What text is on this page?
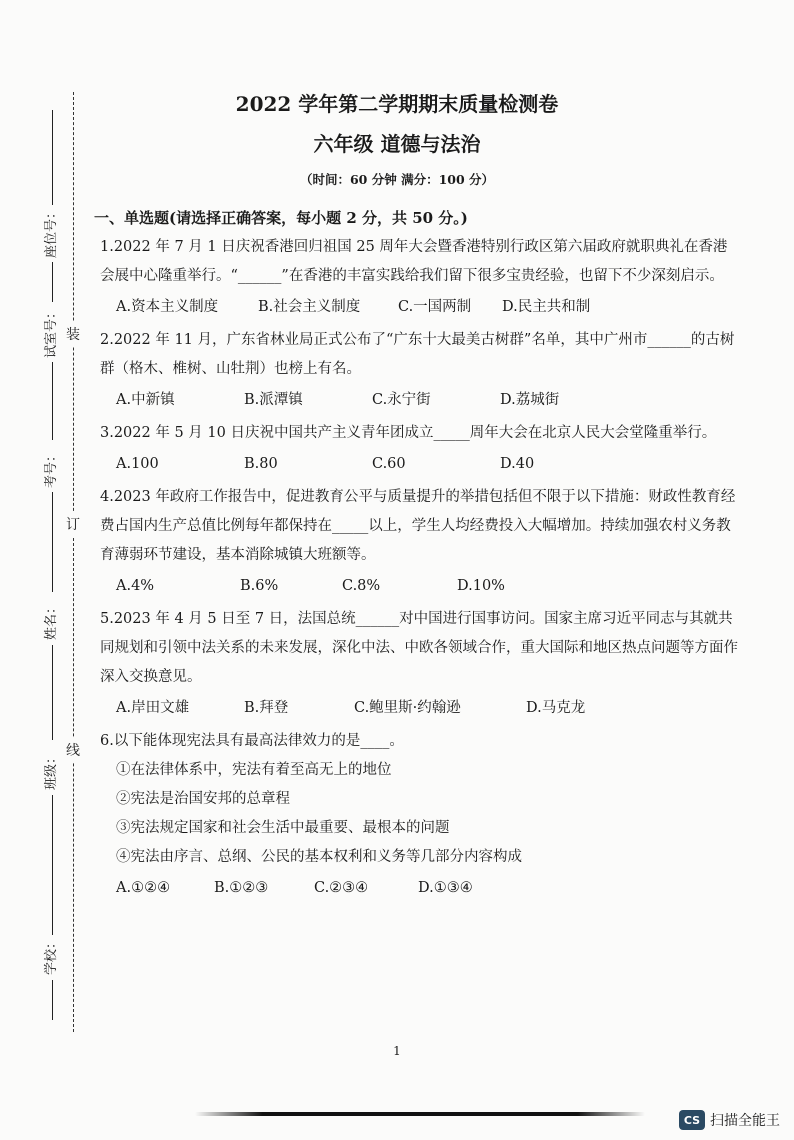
座位号：
试室号：
考号：
姓名：
班级：
学校：
装
订
线
2022 学年第二学期期末质量检测卷
六年级 道德与法治
（时间：60 分钟 满分：100 分）
一、单选题(请选择正确答案，每小题 2 分，共 50 分。)

1.2022 年 7 月 1 日庆祝香港回归祖国 25 周年大会暨香港特别行政区第六届政府就职典礼在香港会展中心隆重举行。“______”在香港的丰富实践给我们留下很多宝贵经验，也留下不少深刻启示。

A.资本主义制度	B.社会主义制度	C.一国两制	D.民主共和制

2.2022 年 11 月，广东省林业局正式公布了“广东十大最美古树群”名单，其中广州市______的古树群（格木、椎树、山牡荆）也榜上有名。

A.中新镇	B.派潭镇	C.永宁街	D.荔城街

3.2022 年 5 月 10 日庆祝中国共产主义青年团成立_____周年大会在北京人民大会堂隆重举行。

A.100	B.80	C.60	D.40

4.2023 年政府工作报告中，促进教育公平与质量提升的举措包括但不限于以下措施：财政性教育经费占国内生产总值比例每年都保持在_____以上，学生人均经费投入大幅增加。持续加强农村义务教育薄弱环节建设，基本消除城镇大班额等。

A.4%	B.6%	C.8%	D.10%

5.2023 年 4 月 5 日至 7 日，法国总统______对中国进行国事访问。国家主席习近平同志与其就共同规划和引领中法关系的未来发展，深化中法、中欧各领域合作，重大国际和地区热点问题等方面作深入交换意见。

A.岸田文雄	B.拜登	C.鲍里斯·约翰逊	D.马克龙

6.以下能体现宪法具有最高法律效力的是____。

①在法律体系中，宪法有着至高无上的地位
②宪法是治国安邦的总章程
③宪法规定国家和社会生活中最重要、最根本的问题
④宪法由序言、总纲、公民的基本权利和义务等几部分内容构成
A.①②④	B.①②③	C.②③④	D.①③④
1
CS 扫描全能王
